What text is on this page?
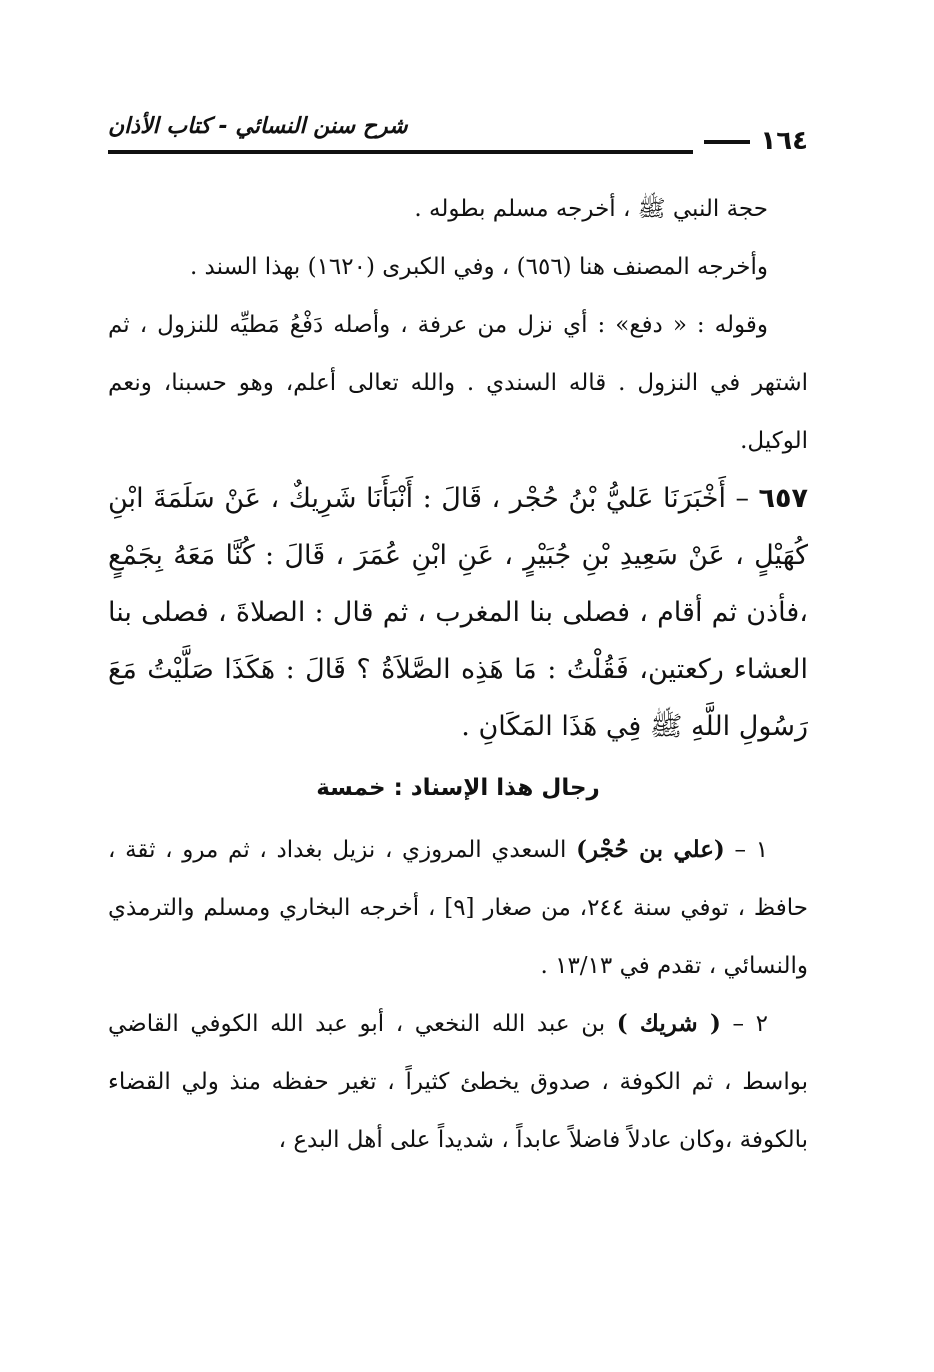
شرح سنن النسائي - كتاب الأذان	١٦٤

حجة النبي ﷺ ، أخرجه مسلم بطوله .

وأخرجه المصنف هنا (٦٥٦) ، وفي الكبرى (١٦٢٠) بهذا السند .

وقوله : « دفع» : أي نزل من عرفة ، وأصله دَفْعُ مَطيِّه للنزول ، ثم اشتهر في النزول . قاله السندي . والله تعالى أعلم، وهو حسبنا، ونعم الوكيل.

٦٥٧ – أَخْبَرَنَا عَليُّ بْنُ حُجْر ، قَالَ : أَنْبَأَنَا شَرِيكٌ ، عَنْ سَلَمَةَ ابْنِ كُهَيْلٍ ، عَنْ سَعِيدِ بْنِ جُبَيْرٍ ، عَنِ ابْنِ عُمَرَ ، قَالَ : كُنَّا مَعَهُ بِجَمْعٍ ،فأذن ثم أقام ، فصلى بنا المغرب ، ثم قال : الصلاةَ ، فصلى بنا العشاء ركعتين، فَقُلْتُ : مَا هَذِه الصَّلاَةُ ؟ قَالَ : هَكَذَا صَلَّيْتُ مَعَ رَسُولِ اللَّهِ ﷺ فِي هَذَا المَكَانِ .

رجال هذا الإسناد : خمسة

١ – (علي بن حُجْر) السعدي المروزي ، نزيل بغداد ، ثم مرو ، ثقة ، حافظ ، توفي سنة ٢٤٤، من صغار [٩] ، أخرجه البخاري ومسلم والترمذي والنسائي ، تقدم في ١٣/١٣ .

٢ – ( شريك ) بن عبد الله النخعي ، أبو عبد الله الكوفي القاضي بواسط ، ثم الكوفة ، صدوق يخطئ كثيراً ، تغير حفظه منذ ولي القضاء بالكوفة ،وكان عادلاً فاضلاً عابداً ، شديداً على أهل البدع ،
